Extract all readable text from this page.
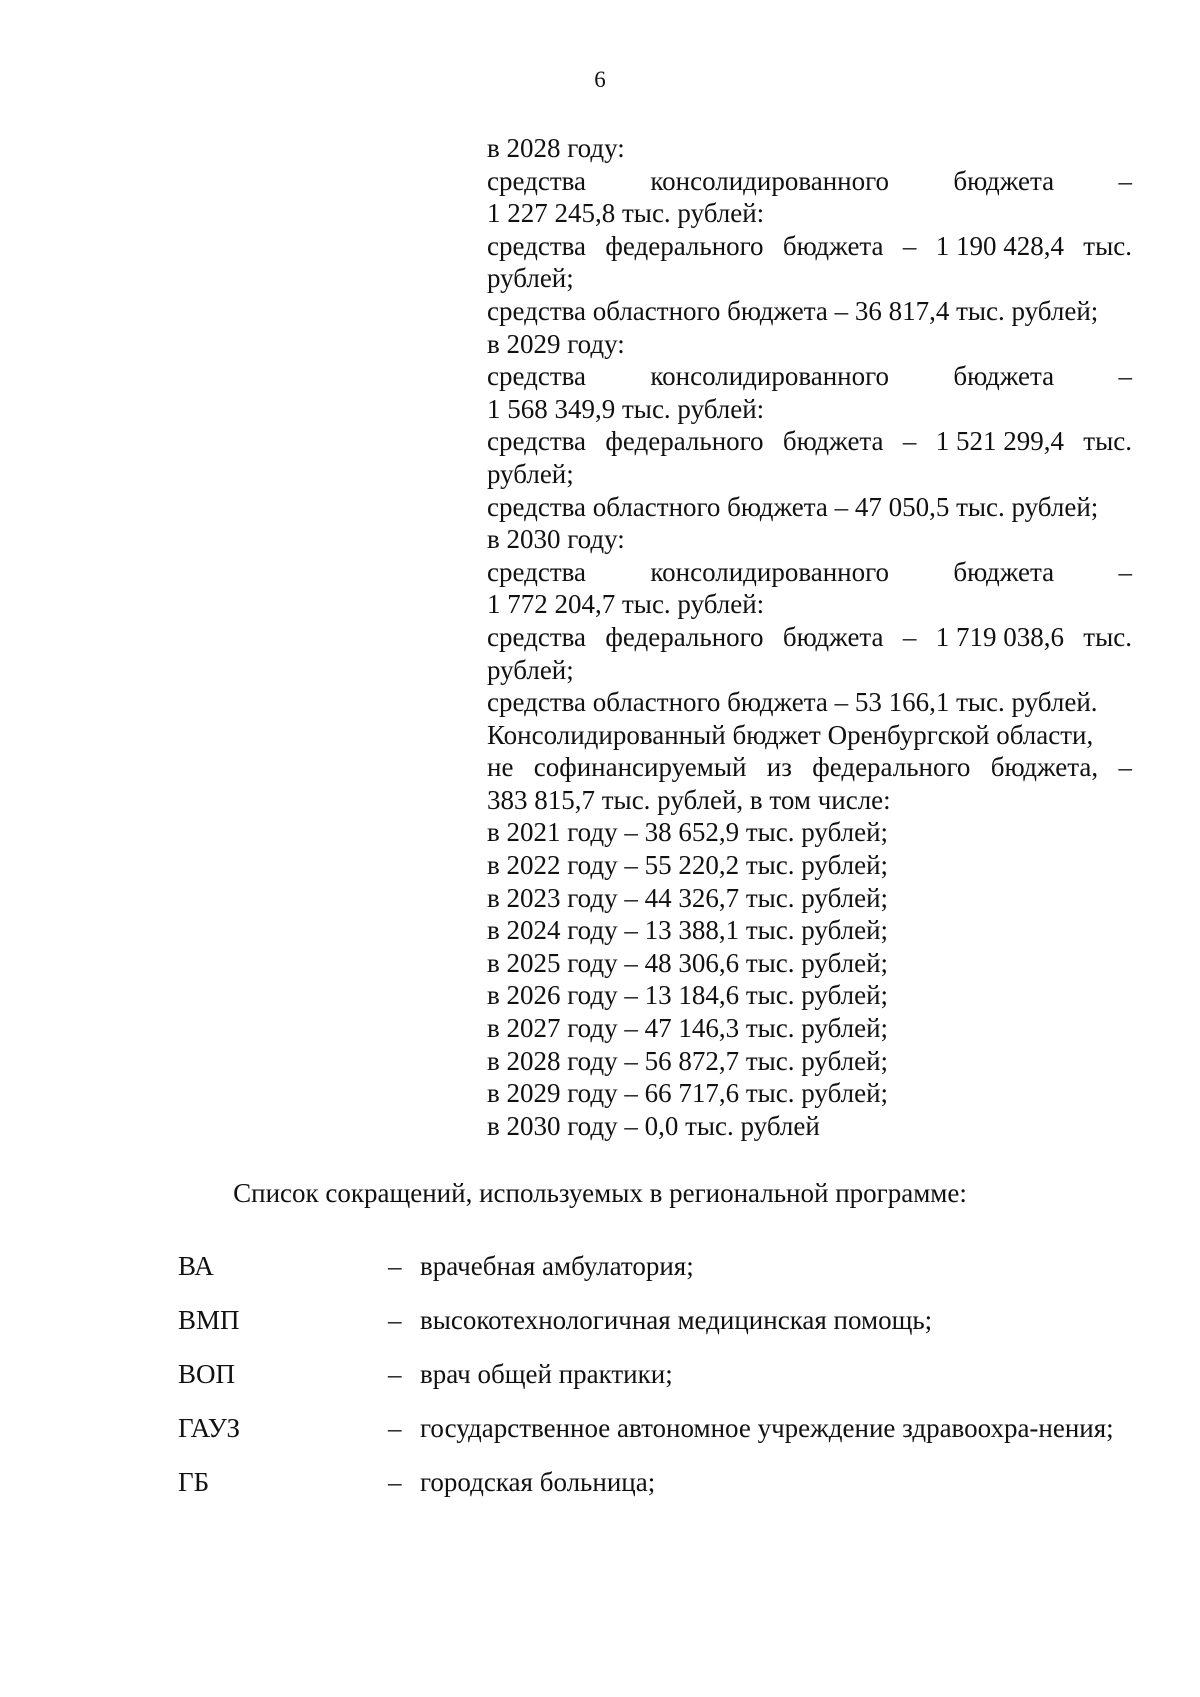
6
в 2028 году:
средства консолидированного бюджета –
1 227 245,8 тыс. рублей:
средства федерального бюджета – 1 190 428,4 тыс.
рублей;
средства областного бюджета – 36 817,4 тыс. рублей;
в 2029 году:
средства консолидированного бюджета –
1 568 349,9 тыс. рублей:
средства федерального бюджета – 1 521 299,4 тыс.
рублей;
средства областного бюджета – 47 050,5 тыс. рублей;
в 2030 году:
средства консолидированного бюджета –
1 772 204,7 тыс. рублей:
средства федерального бюджета – 1 719 038,6 тыс.
рублей;
средства областного бюджета – 53 166,1 тыс. рублей.
Консолидированный бюджет Оренбургской области,
не софинансируемый из федерального бюджета, –
383 815,7 тыс. рублей, в том числе:
в 2021 году – 38 652,9 тыс. рублей;
в 2022 году – 55 220,2 тыс. рублей;
в 2023 году – 44 326,7 тыс. рублей;
в 2024 году – 13 388,1 тыс. рублей;
в 2025 году – 48 306,6 тыс. рублей;
в 2026 году – 13 184,6 тыс. рублей;
в 2027 году – 47 146,3 тыс. рублей;
в 2028 году – 56 872,7 тыс. рублей;
в 2029 году – 66 717,6 тыс. рублей;
в 2030 году – 0,0 тыс. рублей
Список сокращений, используемых в региональной программе:
ВА	– врачебная амбулатория;
ВМП	– высокотехнологичная медицинская помощь;
ВОП	– врач общей практики;
ГАУЗ	– государственное автономное учреждение здравоохра-нения;
ГБ	– городская больница;
